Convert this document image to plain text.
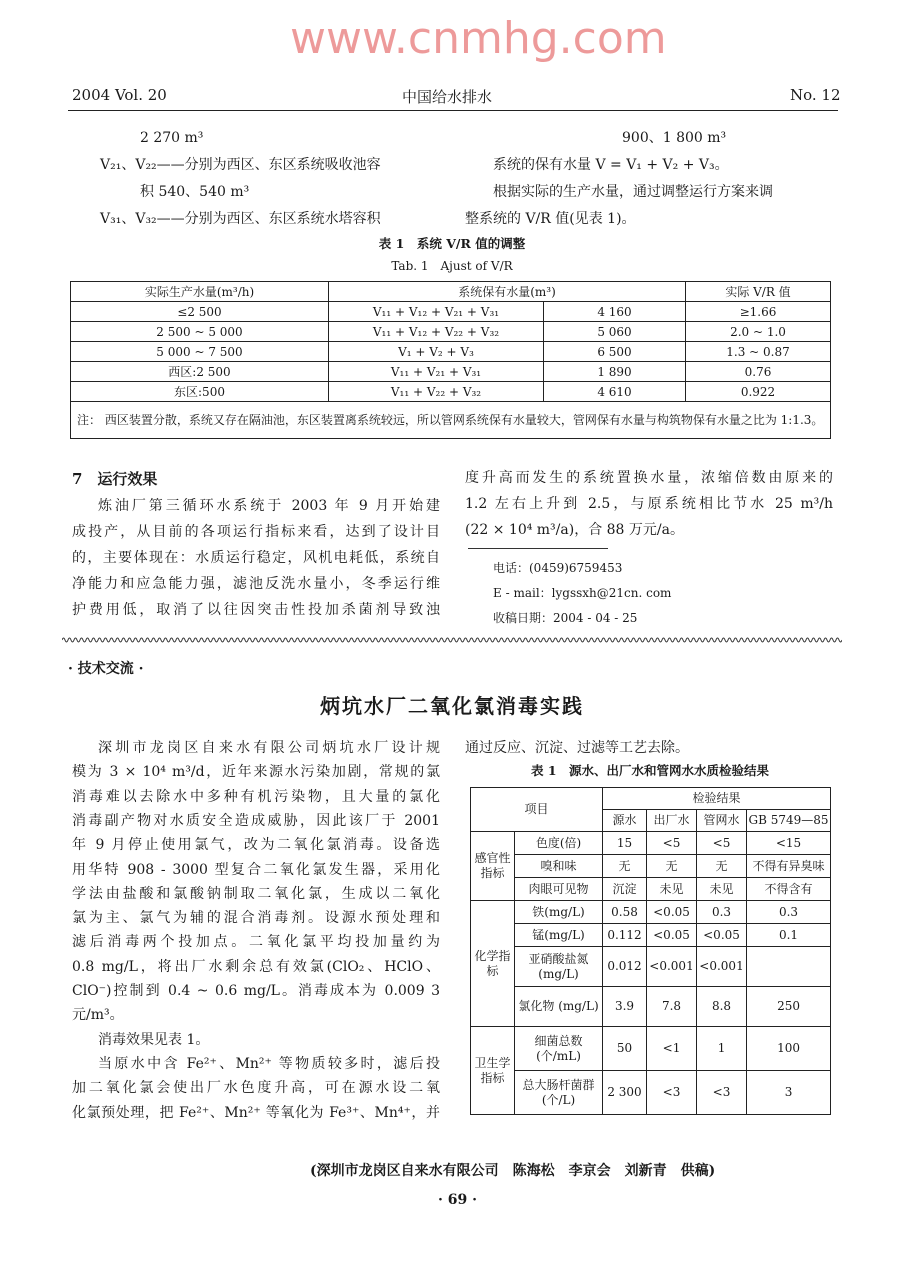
www.cnmhg.com
2004 Vol. 20	中国给水排水	No. 12
2 270 m³
V₂₁、V₂₂——分别为西区、东区系统吸收池容
积 540、540 m³
V₃₁、V₃₂——分别为西区、东区系统水塔容积
900、1 800 m³
系统的保有水量 V = V₁ + V₂ + V₃。
根据实际的生产水量，通过调整运行方案来调
整系统的 V/R 值(见表 1)。
表 1　系统 V/R 值的调整
Tab. 1　Ajust of V/R
实际生产水量(m³/h)	系统保有水量(m³)		实际 V/R 值
≤2 500	V₁₁ + V₁₂ + V₂₁ + V₃₁	4 160	≥1.66
2 500 ~ 5 000	V₁₁ + V₁₂ + V₂₂ + V₃₂	5 060	2.0 ~ 1.0
5 000 ~ 7 500	V₁ + V₂ + V₃	6 500	1.3 ~ 0.87
西区:2 500	V₁₁ + V₂₁ + V₃₁	1 890	0.76
东区:500	V₁₁ + V₂₂ + V₃₂	4 610	0.922
注： 西区装置分散，系统又存在隔油池，东区装置离系统较远，所以管网系统保有水量较大，管网保有水量与构筑物保有水量之比为 1:1.3。			
7　运行效果
炼油厂第三循环水系统于 2003 年 9 月开始建
成投产，从目前的各项运行指标来看，达到了设计目
的，主要体现在：水质运行稳定，风机电耗低，系统自
净能力和应急能力强，滤池反洗水量小，冬季运行维
护费用低，取消了以往因突击性投加杀菌剂导致浊
度升高而发生的系统置换水量，浓缩倍数由原来的
1.2 左右上升到 2.5，与原系统相比节水 25 m³/h
(22 × 10⁴ m³/a)，合 88 万元/a。
电话：(0459)6759453
E - mail：lygssxh@21cn. com
收稿日期：2004 - 04 - 25
· 技术交流 ·
炳坑水厂二氧化氯消毒实践
深圳市龙岗区自来水有限公司炳坑水厂设计规
模为 3 × 10⁴ m³/d，近年来源水污染加剧，常规的氯
消毒难以去除水中多种有机污染物，且大量的氯化
消毒副产物对水质安全造成威胁，因此该厂于 2001
年 9 月停止使用氯气，改为二氧化氯消毒。设备选
用华特 908 - 3000 型复合二氧化氯发生器，采用化
学法由盐酸和氯酸钠制取二氧化氯，生成以二氧化
氯为主、氯气为辅的混合消毒剂。设源水预处理和
滤后消毒两个投加点。二氧化氯平均投加量约为
0.8 mg/L，将出厂水剩余总有效氯(ClO₂、HClO、
ClO⁻)控制到 0.4 ~ 0.6 mg/L。消毒成本为 0.009 3
元/m³。
消毒效果见表 1。
当原水中含 Fe²⁺、Mn²⁺ 等物质较多时，滤后投
加二氧化氯会使出厂水色度升高，可在源水设二氧
化氯预处理，把 Fe²⁺、Mn²⁺ 等氧化为 Fe³⁺、Mn⁴⁺，并
通过反应、沉淀、过滤等工艺去除。
表 1　源水、出厂水和管网水水质检验结果
项目		检验结果			
		源水	出厂水	管网水	GB 5749—85
感官性指标	色度(倍)	15	<5	<5	<15
	嗅和味	无	无	无	不得有异臭味
	肉眼可见物	沉淀	未见	未见	不得含有
化学指标	铁(mg/L)	0.58	<0.05	0.3	0.3
	锰(mg/L)	0.112	<0.05	<0.05	0.1
	亚硝酸盐氮 (mg/L)	0.012	<0.001	<0.001	
	氯化物 (mg/L)	3.9	7.8	8.8	250
卫生学指标	细菌总数 (个/mL)	50	<1	1	100
	总大肠杆菌群 (个/L)	2 300	<3	<3	3
(深圳市龙岗区自来水有限公司　陈海松　李京会　刘新青　供稿)
· 69 ·
